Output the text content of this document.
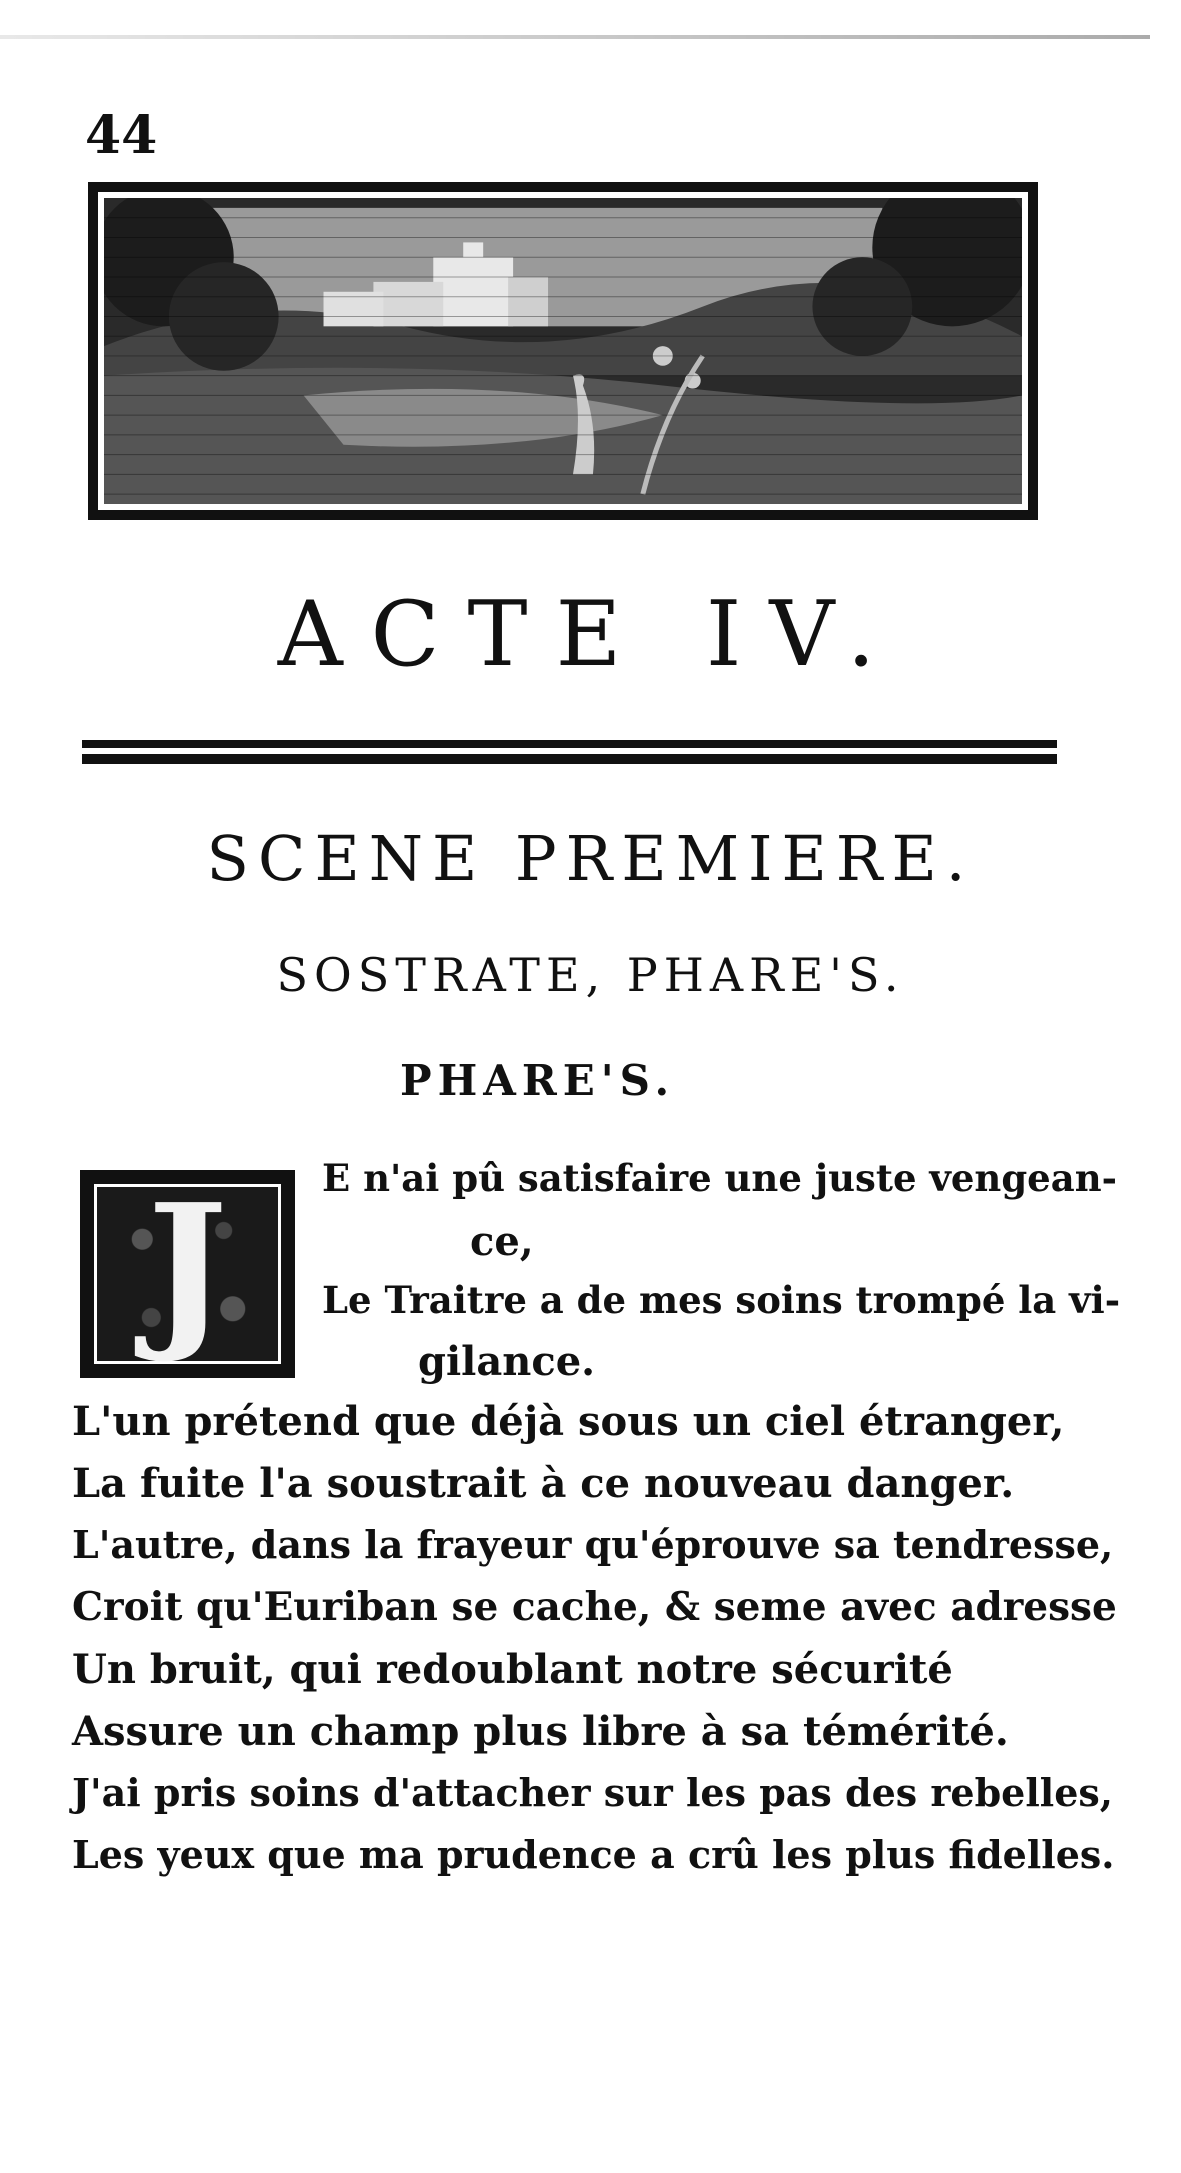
44
ACTE IV.
SCENE PREMIERE.
SOSTRATE, PHARE'S.
PHARE'S.
J	E n'ai pû satisfaire une juste vengean-
ce,
Le Traitre a de mes soins trompé la vi-
gilance.
L'un prétend que déjà sous un ciel étranger,
La fuite l'a soustrait à ce nouveau danger.
L'autre, dans la frayeur qu'éprouve sa tendresse,
Croit qu'Euriban se cache, & seme avec adresse
Un bruit, qui redoublant notre sécurité
Assure un champ plus libre à sa témérité.
J'ai pris soins d'attacher sur les pas des rebelles,
Les yeux que ma prudence a crû les plus fidelles.
